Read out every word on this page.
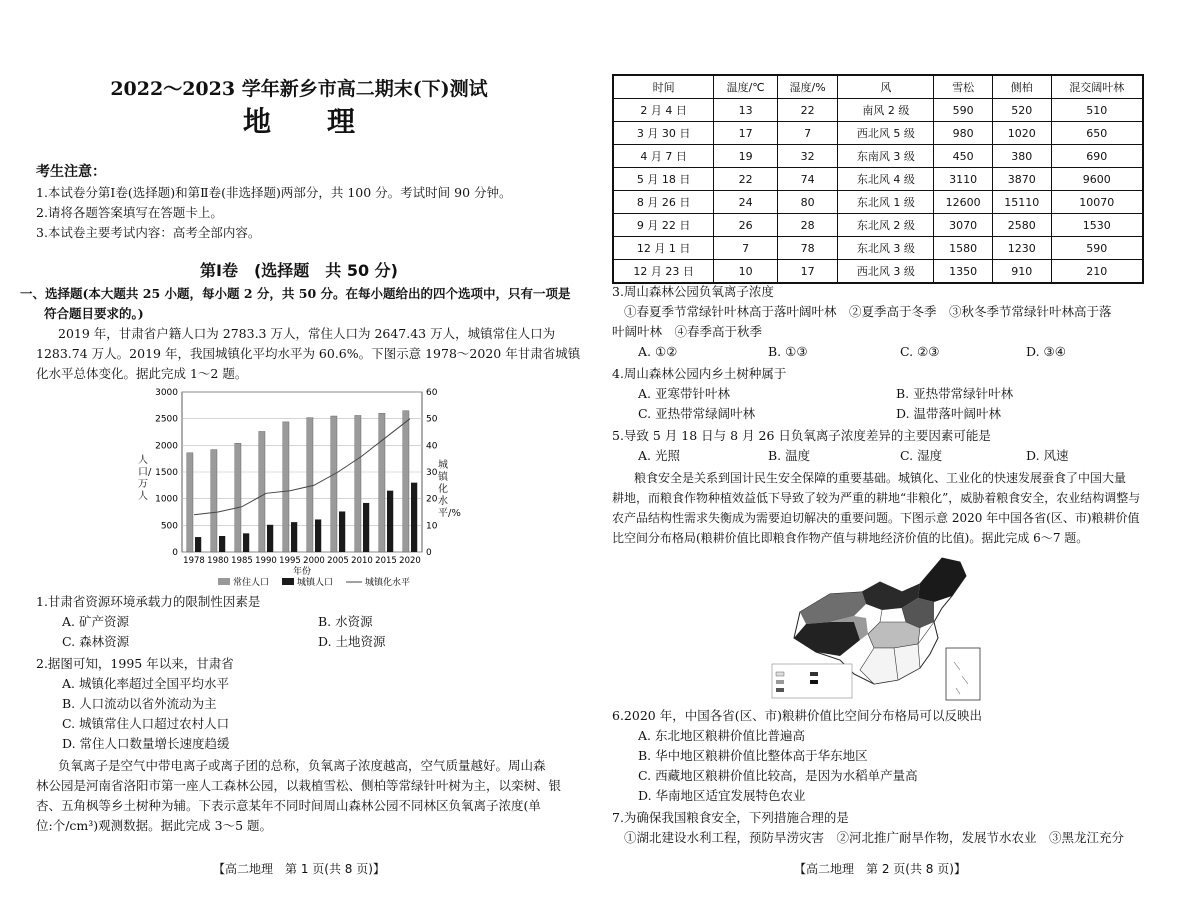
2022～2023 学年新乡市高二期末(下)测试
地　　理
考生注意：
1.本试卷分第Ⅰ卷(选择题)和第Ⅱ卷(非选择题)两部分，共 100 分。考试时间 90 分钟。
2.请将各题答案填写在答题卡上。
3.本试卷主要考试内容：高考全部内容。
第Ⅰ卷　(选择题　共 50 分)
一、选择题(本大题共 25 小题，每小题 2 分，共 50 分。在每小题给出的四个选项中，只有一项是
符合题目要求的。)
2019 年，甘肃省户籍人口为 2783.3 万人，常住人口为 2647.43 万人，城镇常住人口为
1283.74 万人。2019 年，我国城镇化平均水平为 60.6%。下图示意 1978～2020 年甘肃省城镇
化水平总体变化。据此完成 1～2 题。
0
500
1000
1500
2000
2500
3000
0
10
20
30
40
50
60
1978 1980 1985 1990 1995 2000 2005 2010 2015 2020
年份
常住人口	城镇人口	城镇化水平
人口/万人
城镇化水平/%
1.甘肃省资源环境承载力的限制性因素是
A. 矿产资源	B. 水资源
C. 森林资源	D. 土地资源
2.据图可知，1995 年以来，甘肃省
A. 城镇化率超过全国平均水平
B. 人口流动以省外流动为主
C. 城镇常住人口超过农村人口
D. 常住人口数量增长速度趋缓
负氧离子是空气中带电离子或离子团的总称，负氧离子浓度越高，空气质量越好。周山森
林公园是河南省洛阳市第一座人工森林公园，以栽植雪松、侧柏等常绿针叶树为主，以栾树、银
杏、五角枫等乡土树种为辅。下表示意某年不同时间周山森林公园不同林区负氧离子浓度(单
位:个/cm³)观测数据。据此完成 3～5 题。
【高二地理　第 1 页(共 8 页)】
时间	温度/℃	湿度/%	风	雪松	侧柏	混交阔叶林
2 月 4 日	13	22	南风 2 级	590	520	510
3 月 30 日	17	7	西北风 5 级	980	1020	650
4 月 7 日	19	32	东南风 3 级	450	380	690
5 月 18 日	22	74	东北风 4 级	3110	3870	9600
8 月 26 日	24	80	东北风 1 级	12600	15110	10070
9 月 22 日	26	28	东北风 2 级	3070	2580	1530
12 月 1 日	7	78	东北风 3 级	1580	1230	590
12 月 23 日	10	17	西北风 3 级	1350	910	210
3.周山森林公园负氧离子浓度
①春夏季节常绿针叶林高于落叶阔叶林　②夏季高于冬季　③秋冬季节常绿针叶林高于落
叶阔叶林　④春季高于秋季
A. ①②	B. ①③	C. ②③	D. ③④
4.周山森林公园内乡土树种属于
A. 亚寒带针叶林	B. 亚热带常绿针叶林
C. 亚热带常绿阔叶林	D. 温带落叶阔叶林
5.导致 5 月 18 日与 8 月 26 日负氧离子浓度差异的主要因素可能是
A. 光照	B. 温度	C. 湿度	D. 风速
粮食安全是关系到国计民生安全保障的重要基础。城镇化、工业化的快速发展蚕食了中国大量
耕地，而粮食作物种植效益低下导致了较为严重的耕地“非粮化”，威胁着粮食安全，农业结构调整与
农产品结构性需求失衡成为需要迫切解决的重要问题。下图示意 2020 年中国各省(区、市)粮耕价值
比空间分布格局(粮耕价值比即粮食作物产值与耕地经济价值的比值)。据此完成 6～7 题。
6.2020 年，中国各省(区、市)粮耕价值比空间分布格局可以反映出
A. 东北地区粮耕价值比普遍高
B. 华中地区粮耕价值比整体高于华东地区
C. 西藏地区粮耕价值比较高，是因为水稻单产量高
D. 华南地区适宜发展特色农业
7.为确保我国粮食安全，下列措施合理的是
①湖北建设水利工程，预防旱涝灾害　②河北推广耐旱作物，发展节水农业　③黑龙江充分
【高二地理　第 2 页(共 8 页)】
